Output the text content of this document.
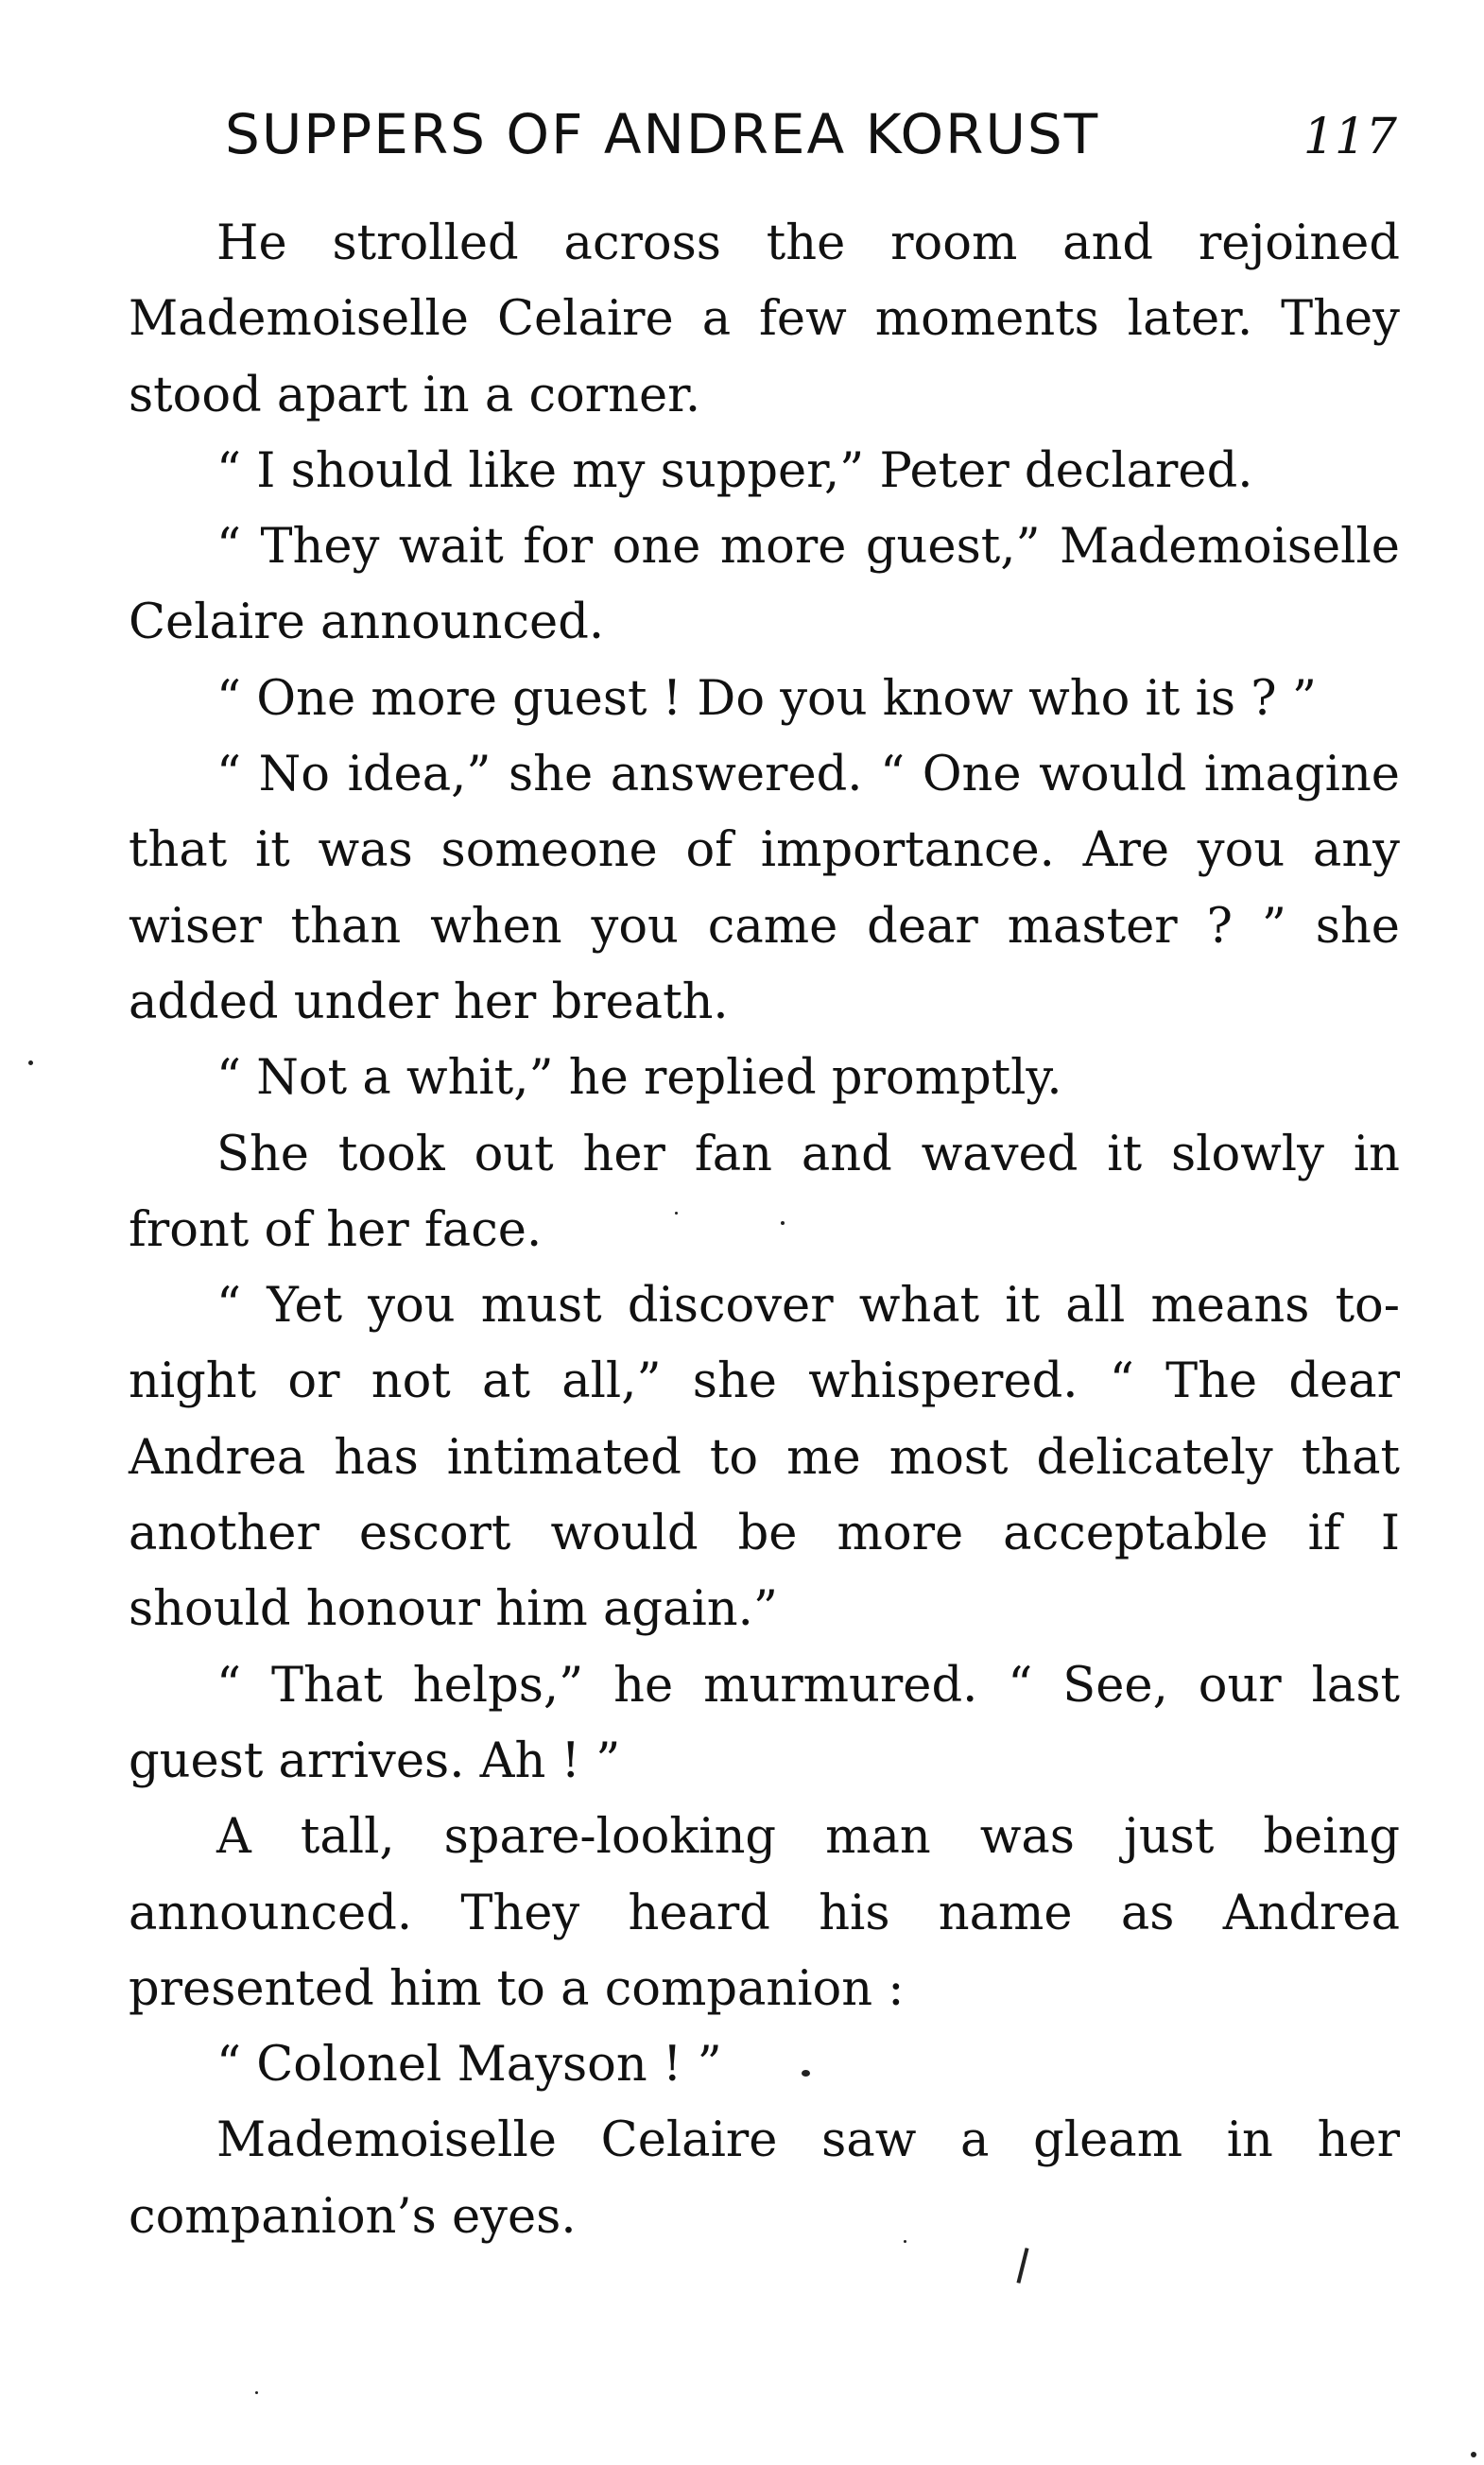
SUPPERS OF ANDREA KORUST	117

He strolled across the room and rejoined Mademoiselle Celaire a few moments later. They stood apart in a corner.

“ I should like my supper,” Peter declared.

“ They wait for one more guest,” Mademoiselle Celaire announced.

“ One more guest ! Do you know who it is ? ”

“ No idea,” she answered. “ One would imagine that it was someone of importance. Are you any wiser than when you came dear master ? ” she added under her breath.

“ Not a whit,” he replied promptly.

She took out her fan and waved it slowly in front of her face.

“ Yet you must discover what it all means to-night or not at all,” she whispered. “ The dear Andrea has intimated to me most delicately that another escort would be more acceptable if I should honour him again.”

“ That helps,” he murmured. “ See, our last guest arrives. Ah ! ”

A tall, spare-looking man was just being announced. They heard his name as Andrea presented him to a companion :

“ Colonel Mayson ! ”

Mademoiselle Celaire saw a gleam in her companion’s eyes.
